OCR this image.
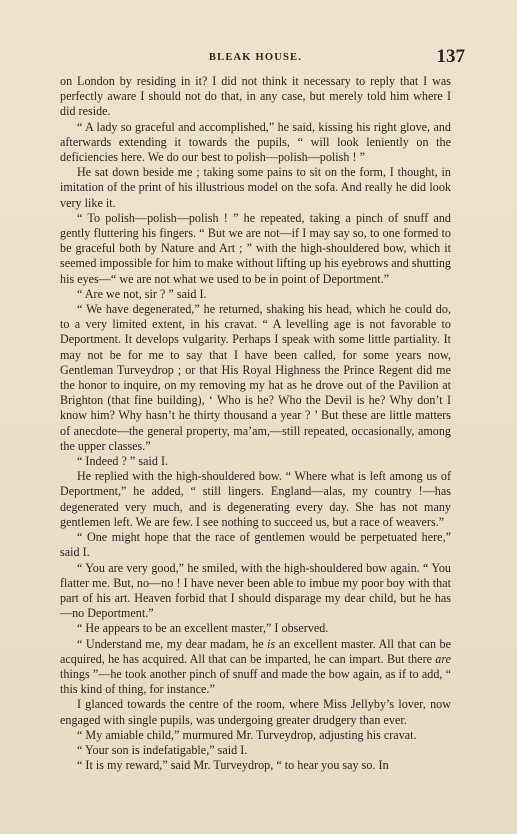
BLEAK HOUSE.	137

on London by residing in it? I did not think it necessary to reply that I was perfectly aware I should not do that, in any case, but merely told him where I did reside.

“ A lady so graceful and accomplished,” he said, kissing his right glove, and afterwards extending it towards the pupils, “ will look leniently on the deficiencies here. We do our best to polish—polish—polish ! ”

He sat down beside me ; taking some pains to sit on the form, I thought, in imitation of the print of his illustrious model on the sofa. And really he did look very like it.

“ To polish—polish—polish ! ” he repeated, taking a pinch of snuff and gently fluttering his fingers. “ But we are not—if I may say so, to one formed to be graceful both by Nature and Art ; ” with the high-shouldered bow, which it seemed impossible for him to make without lifting up his eyebrows and shutting his eyes—“ we are not what we used to be in point of Deportment.”

“ Are we not, sir ? ” said I.

“ We have degenerated,” he returned, shaking his head, which he could do, to a very limited extent, in his cravat. “ A levelling age is not favorable to Deportment. It develops vulgarity. Perhaps I speak with some little partiality. It may not be for me to say that I have been called, for some years now, Gentleman Turveydrop ; or that His Royal Highness the Prince Regent did me the honor to inquire, on my removing my hat as he drove out of the Pavilion at Brighton (that fine building), ‘ Who is he? Who the Devil is he? Why don’t I know him? Why hasn’t he thirty thousand a year ? ’ But these are little matters of anecdote—the general property, ma’am,—still repeated, occasionally, among the upper classes.”

“ Indeed ? ” said I.

He replied with the high-shouldered bow. “ Where what is left among us of Deportment,” he added, “ still lingers. England—alas, my country !—has degenerated very much, and is degenerating every day. She has not many gentlemen left. We are few. I see nothing to succeed us, but a race of weavers.”

“ One might hope that the race of gentlemen would be perpetuated here,” said I.

“ You are very good,” he smiled, with the high-shouldered bow again. “ You flatter me. But, no—no ! I have never been able to imbue my poor boy with that part of his art. Heaven forbid that I should disparage my dear child, but he has—no Deportment.”

“ He appears to be an excellent master,” I observed.

“ Understand me, my dear madam, he is an excellent master. All that can be acquired, he has acquired. All that can be imparted, he can impart. But there are things ”—he took another pinch of snuff and made the bow again, as if to add, “ this kind of thing, for instance.”

I glanced towards the centre of the room, where Miss Jellyby’s lover, now engaged with single pupils, was undergoing greater drudgery than ever.

“ My amiable child,” murmured Mr. Turveydrop, adjusting his cravat.

“ Your son is indefatigable,” said I.

“ It is my reward,” said Mr. Turveydrop, “ to hear you say so. In
